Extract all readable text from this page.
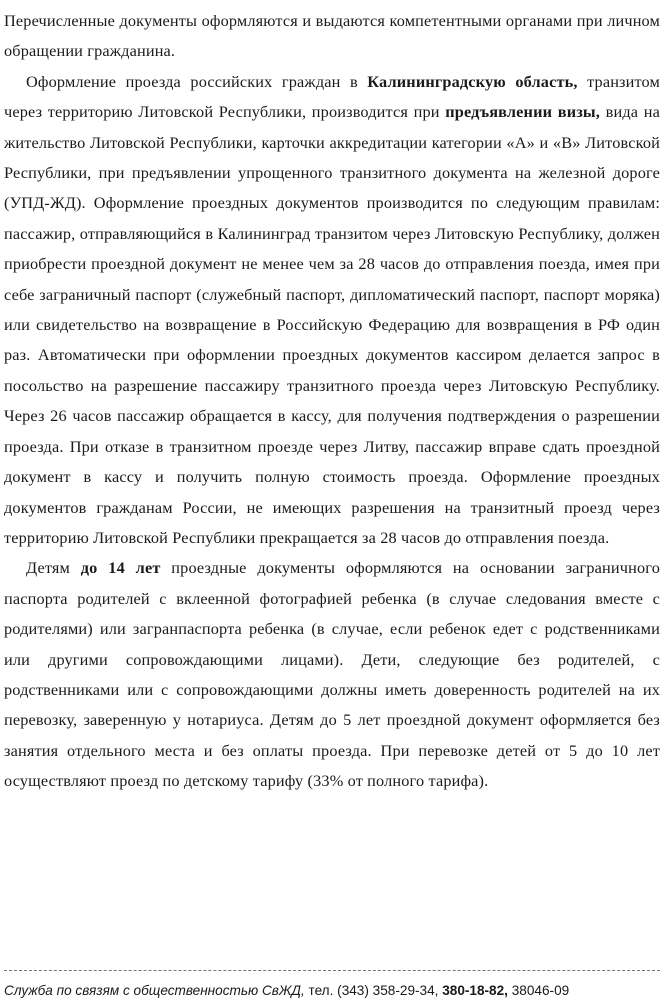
Перечисленные документы оформляются и выдаются компетентными органами при личном обращении гражданина.

Оформление проезда российских граждан в Калининградскую область, транзитом через территорию Литовской Республики, производится при предъявлении визы, вида на жительство Литовской Республики, карточки аккредитации категории «А» и «В» Литовской Республики, при предъявлении упрощенного транзитного документа на железной дороге (УПД-ЖД). Оформление проездных документов производится по следующим правилам: пассажир, отправляющийся в Калининград транзитом через Литовскую Республику, должен приобрести проездной документ не менее чем за 28 часов до отправления поезда, имея при себе заграничный паспорт (служебный паспорт, дипломатический паспорт, паспорт моряка) или свидетельство на возвращение в Российскую Федерацию для возвращения в РФ один раз. Автоматически при оформлении проездных документов кассиром делается запрос в посольство на разрешение пассажиру транзитного проезда через Литовскую Республику. Через 26 часов пассажир обращается в кассу, для получения подтверждения о разрешении проезда. При отказе в транзитном проезде через Литву, пассажир вправе сдать проездной документ в кассу и получить полную стоимость проезда. Оформление проездных документов гражданам России, не имеющих разрешения на транзитный проезд через территорию Литовской Республики прекращается за 28 часов до отправления поезда.

Детям до 14 лет проездные документы оформляются на основании заграничного паспорта родителей с вклеенной фотографией ребенка (в случае следования вместе с родителями) или загранпаспорта ребенка (в случае, если ребенок едет с родственниками или другими сопровождающими лицами). Дети, следующие без родителей, с родственниками или с сопровождающими должны иметь доверенность родителей на их перевозку, заверенную у нотариуса. Детям до 5 лет проездной документ оформляется без занятия отдельного места и без оплаты проезда. При перевозке детей от 5 до 10 лет осуществляют проезд по детскому тарифу (33% от полного тарифа).

Служба по связям с общественностью СвЖД, тел. (343) 358-29-34, 380-18-82, 38046-09
